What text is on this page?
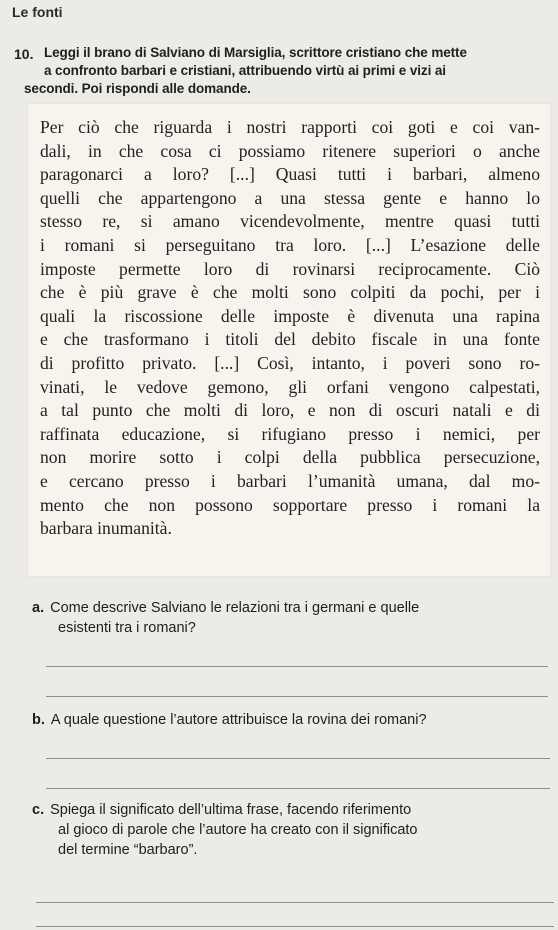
Le fonti
10. Leggi il brano di Salviano di Marsiglia, scrittore cristiano che mette
a confronto barbari e cristiani, attribuendo virtù ai primi e vizi ai
secondi. Poi rispondi alle domande.
Per ciò che riguarda i nostri rapporti coi goti e coi van-
dali, in che cosa ci possiamo ritenere superiori o anche
paragonarci a loro? [...] Quasi tutti i barbari, almeno
quelli che appartengono a una stessa gente e hanno lo
stesso re, si amano vicendevolmente, mentre quasi tutti
i romani si perseguitano tra loro. [...] L’esazione delle
imposte permette loro di rovinarsi reciprocamente. Ciò
che è più grave è che molti sono colpiti da pochi, per i
quali la riscossione delle imposte è divenuta una rapina
e che trasformano i titoli del debito fiscale in una fonte
di profitto privato. [...] Così, intanto, i poveri sono ro-
vinati, le vedove gemono, gli orfani vengono calpestati,
a tal punto che molti di loro, e non di oscuri natali e di
raffinata educazione, si rifugiano presso i nemici, per
non morire sotto i colpi della pubblica persecuzione,
e cercano presso i barbari l’umanità umana, dal mo-
mento che non possono sopportare presso i romani la
barbara inumanità.
a. Come descrive Salviano le relazioni tra i germani e quelle
esistenti tra i romani?
b. A quale questione l’autore attribuisce la rovina dei romani?
c. Spiega il significato dell’ultima frase, facendo riferimento
al gioco di parole che l’autore ha creato con il significato
del termine “barbaro”.
